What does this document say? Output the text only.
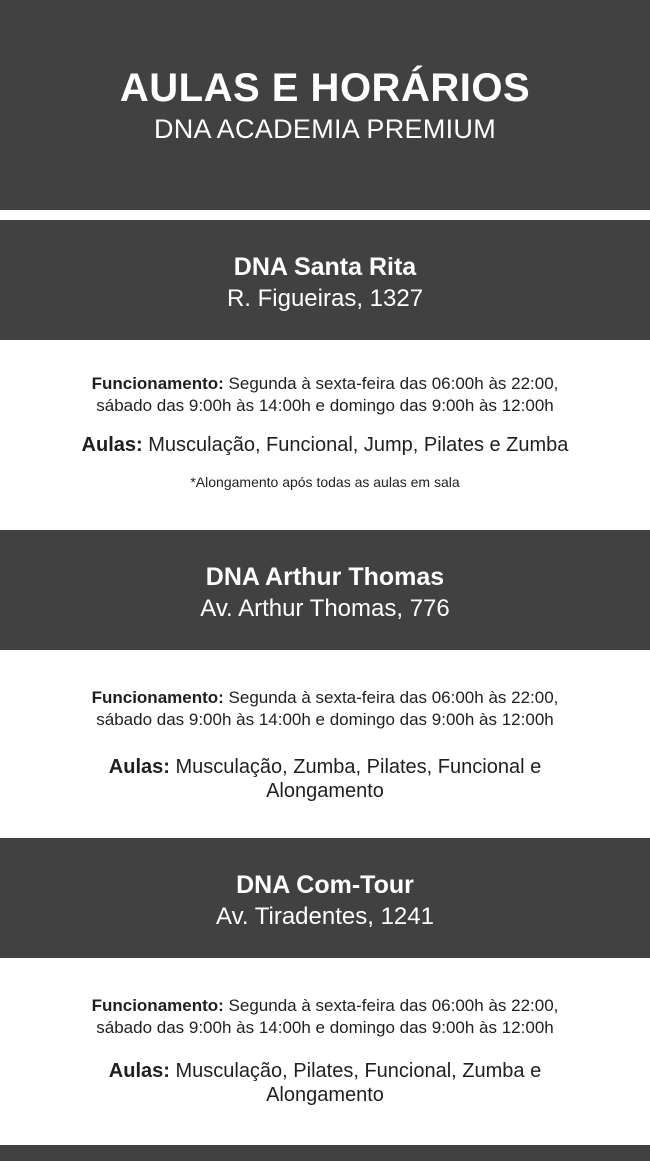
AULAS E HORÁRIOS
DNA ACADEMIA PREMIUM
DNA Santa Rita
R. Figueiras, 1327
Funcionamento: Segunda à sexta-feira das 06:00h às 22:00,
sábado das 9:00h às 14:00h e domingo das 9:00h às 12:00h
Aulas: Musculação, Funcional, Jump, Pilates e Zumba
*Alongamento após todas as aulas em sala
DNA Arthur Thomas
Av. Arthur Thomas, 776
Funcionamento: Segunda à sexta-feira das 06:00h às 22:00,
sábado das 9:00h às 14:00h e domingo das 9:00h às 12:00h
Aulas: Musculação, Zumba, Pilates, Funcional e Alongamento
DNA Com-Tour
Av. Tiradentes, 1241
Funcionamento: Segunda à sexta-feira das 06:00h às 22:00,
sábado das 9:00h às 14:00h e domingo das 9:00h às 12:00h
Aulas: Musculação, Pilates, Funcional, Zumba e Alongamento
